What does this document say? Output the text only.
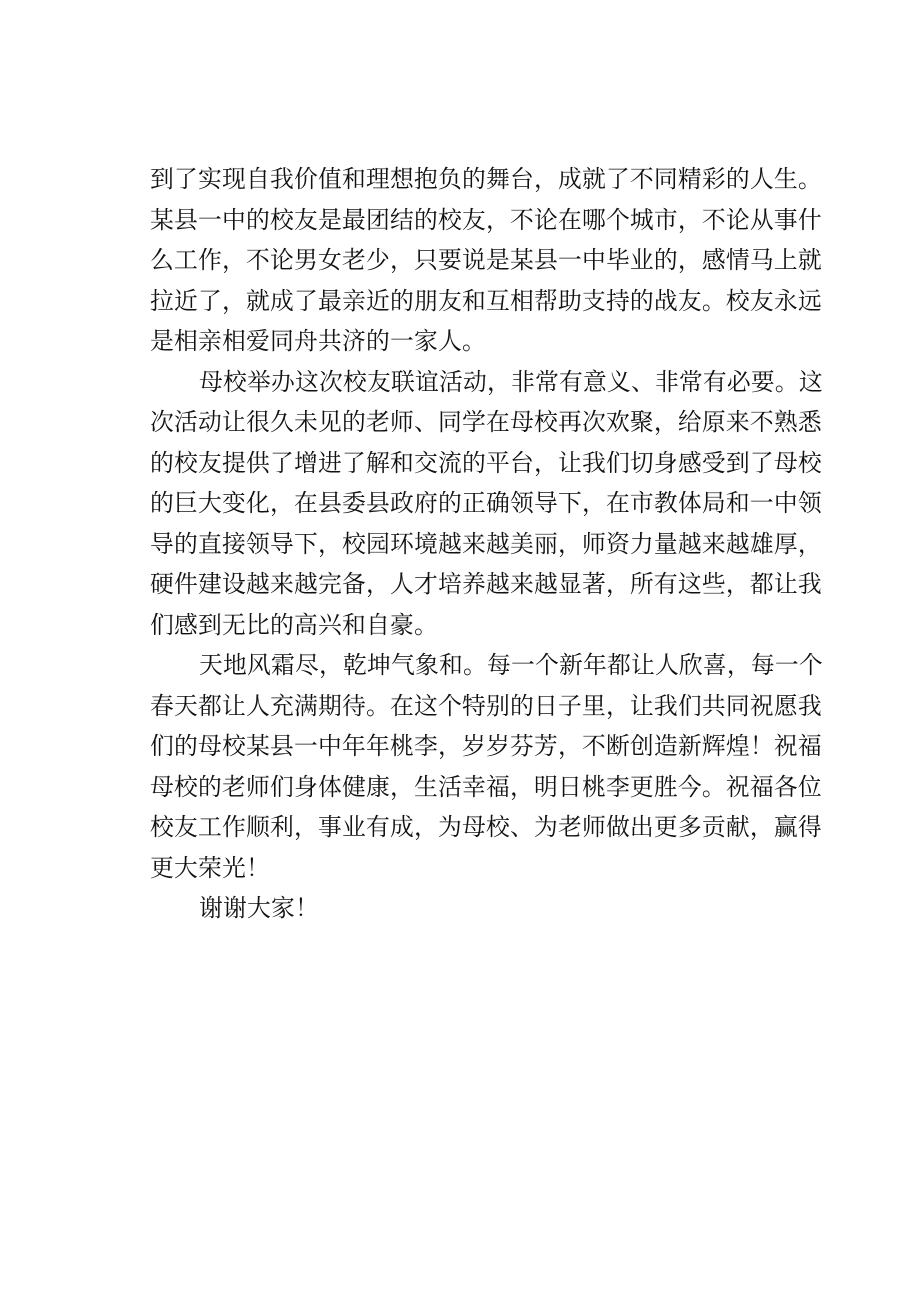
到了实现自我价值和理想抱负的舞台，成就了不同精彩的人生。
某县一中的校友是最团结的校友，不论在哪个城市，不论从事什
么工作，不论男女老少，只要说是某县一中毕业的，感情马上就
拉近了，就成了最亲近的朋友和互相帮助支持的战友。校友永远
是相亲相爱同舟共济的一家人。
母校举办这次校友联谊活动，非常有意义、非常有必要。这
次活动让很久未见的老师、同学在母校再次欢聚，给原来不熟悉
的校友提供了增进了解和交流的平台，让我们切身感受到了母校
的巨大变化，在县委县政府的正确领导下，在市教体局和一中领
导的直接领导下，校园环境越来越美丽，师资力量越来越雄厚，
硬件建设越来越完备，人才培养越来越显著，所有这些，都让我
们感到无比的高兴和自豪。
天地风霜尽，乾坤气象和。每一个新年都让人欣喜，每一个
春天都让人充满期待。在这个特别的日子里，让我们共同祝愿我
们的母校某县一中年年桃李，岁岁芬芳，不断创造新辉煌！祝福
母校的老师们身体健康，生活幸福，明日桃李更胜今。祝福各位
校友工作顺利，事业有成，为母校、为老师做出更多贡献，赢得
更大荣光！
谢谢大家！
